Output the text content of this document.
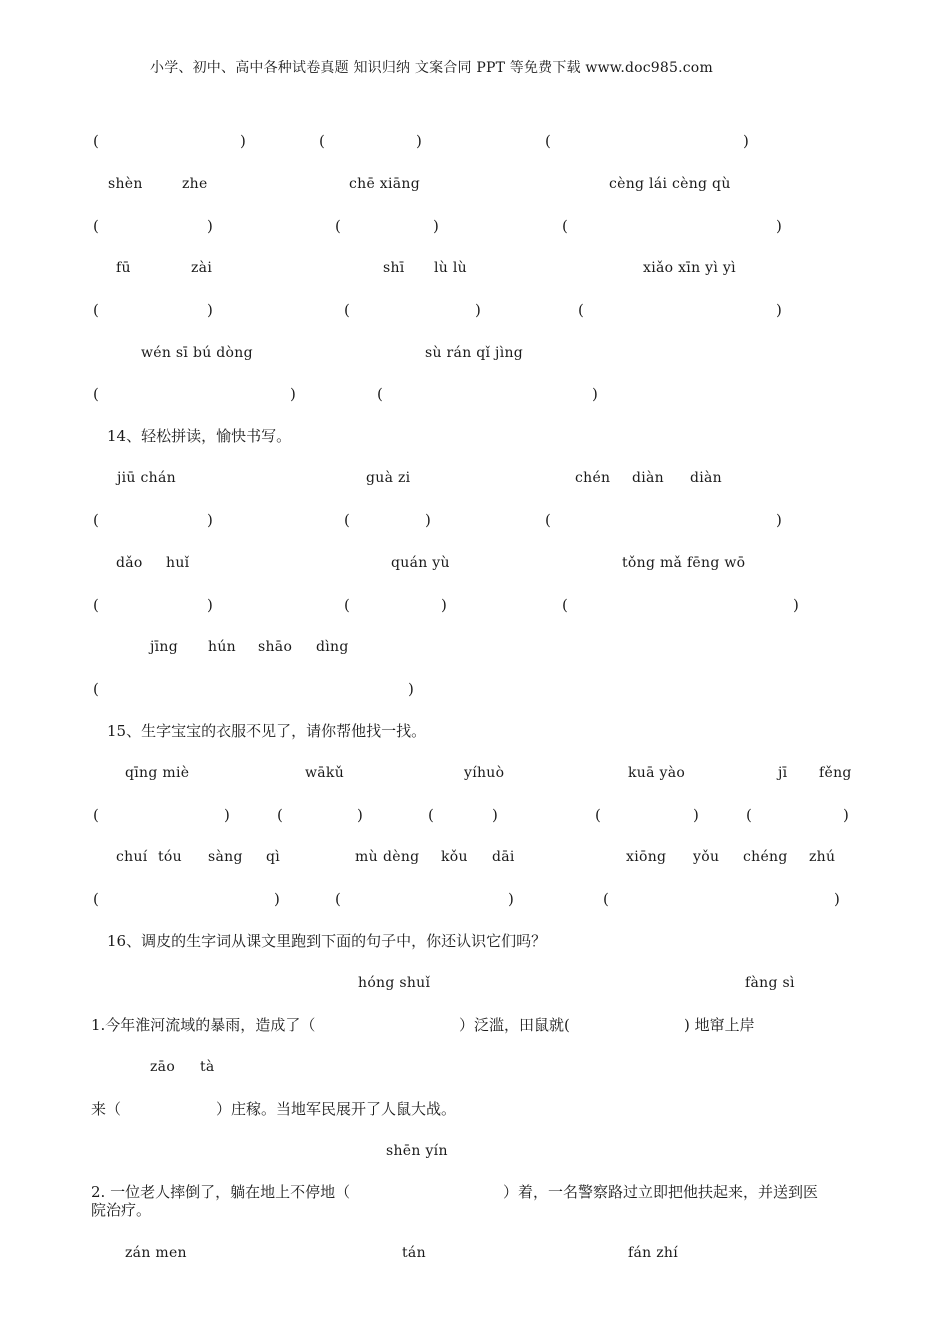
小学、初中、高中各种试卷真题 知识归纳 文案合同 PPT 等免费下载 www.doc985.com
(	)	(	)	(	)
shèn	zhe	chē xiāng	cèng lái cèng qù
(	)	(	)	(	)
fū	zài	shī lù lù	xiǎo xīn yì yì
(	)	(	)	(	)
wén sī bú dòng	sù rán qǐ jìng
(	)	(	)
14、轻松拼读，愉快书写。
jiū chán	guà zi	chén diàn diàn
(	)	(	)	(	)
dǎo huǐ	quán yù	tǒng mǎ fēng wō
(	)	(	)	(	)
jīng hún shāo dìng
(	)
15、生字宝宝的衣服不见了，请你帮他找一找。
qīng miè	wākǔ	yíhuò	kuā yào	jī fěng
(	)	(	)	(	)	(	)	(	)
chuí tóu sàng qì	mù dèng kǒu dāi	xiōng yǒu chéng zhú
(	)	(	)	(	)
16、调皮的生字词从课文里跑到下面的句子中，你还认识它们吗？
hóng shuǐ	fàng sì
1.今年淮河流域的暴雨，造成了（	）泛滥，田鼠就(	) 地窜上岸
zāo tà
来（	）庄稼。当地军民展开了人鼠大战。
shēn yín
2. 一位老人摔倒了，躺在地上不停地（	）着，一名警察路过立即把他扶起来，并送到医
院治疗。
zán men	tán	fán zhí
